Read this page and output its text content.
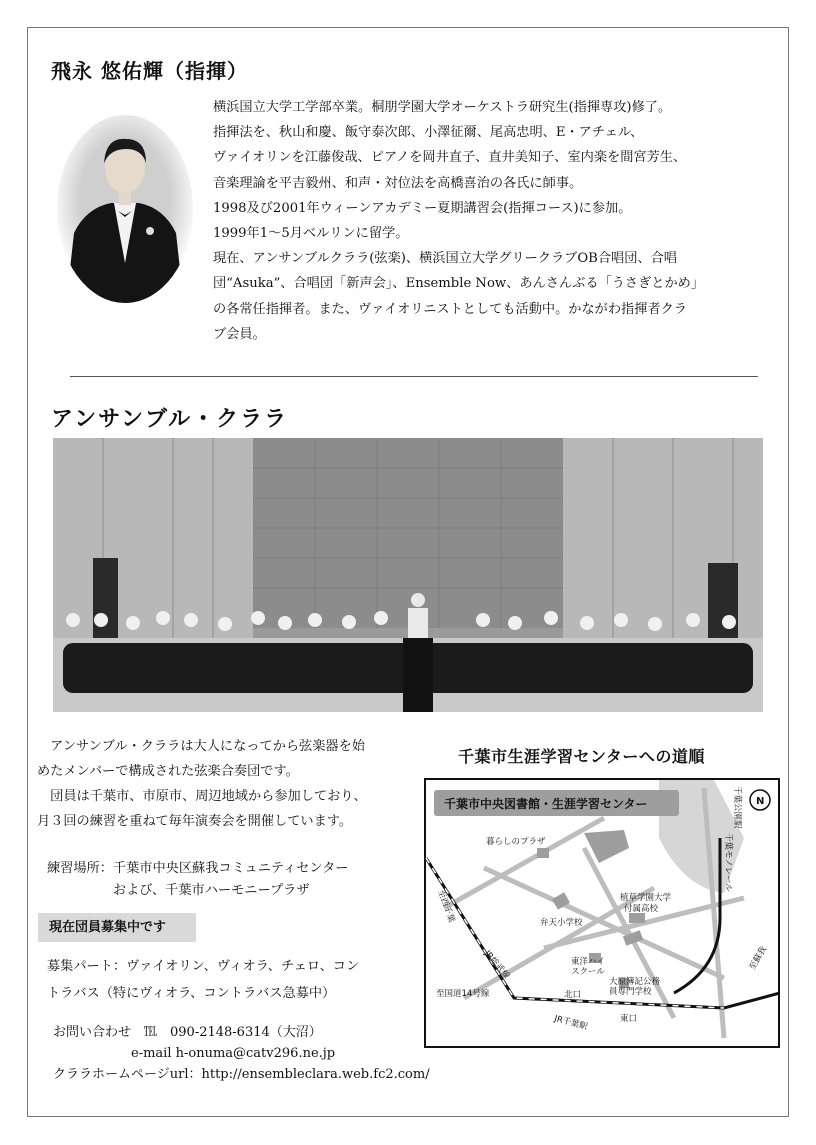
飛永 悠佑輝（指揮）
横浜国立大学工学部卒業。桐朋学園大学オーケストラ研究生(指揮専攻)修了。
指揮法を、秋山和慶、飯守泰次郎、小澤征爾、尾高忠明、E・アチェル、
ヴァイオリンを江藤俊哉、ピアノを岡井直子、直井美知子、室内楽を間宮芳生、
音楽理論を平吉毅州、和声・対位法を高橋喜治の各氏に師事。
1998及び2001年ウィーンアカデミー夏期講習会(指揮コース)に参加。
1999年1～5月ベルリンに留学。
現在、アンサンブルクララ(弦楽)、横浜国立大学グリークラブOB合唱団、合唱
団“Asuka”、合唱団「新声会」、Ensemble Now、あんさんぶる「うさぎとかめ」
の各常任指揮者。また、ヴァイオリニストとしても活動中。かながわ指揮者クラ
ブ会員。
アンサンブル・クララ
　アンサンブル・クララは大人になってから弦楽器を始
めたメンバーで構成された弦楽合奏団です。
　団員は千葉市、市原市、周辺地域から参加しており、
月３回の練習を重ねて毎年演奏会を開催しています。
練習場所：千葉市中央区蘇我コミュニティセンター
　　　　　および、千葉市ハーモニープラザ
現在団員募集中です
募集パート：ヴァイオリン、ヴィオラ、チェロ、コン
トラバス（特にヴィオラ、コントラバス急募中）
お問い合わせ　℡　090-2148-6314（大沼）
　　　　　　e-mail h-onuma@catv296.ne.jp
クララホームページurl：http://ensembleclara.web.fc2.com/
千葉市生涯学習センターへの道順
千葉市中央図書館・生涯学習センター
暮らしのプラザ
弁天小学校
植草学園大学
付属高校
東洋ハイ
スクール
大原簿記公務
員専門学校
至国道14号線	北口
東口
JR千葉駅
JR総武線
至西千葉
至蘇我
千葉モノレール
千葉公園駅 N
